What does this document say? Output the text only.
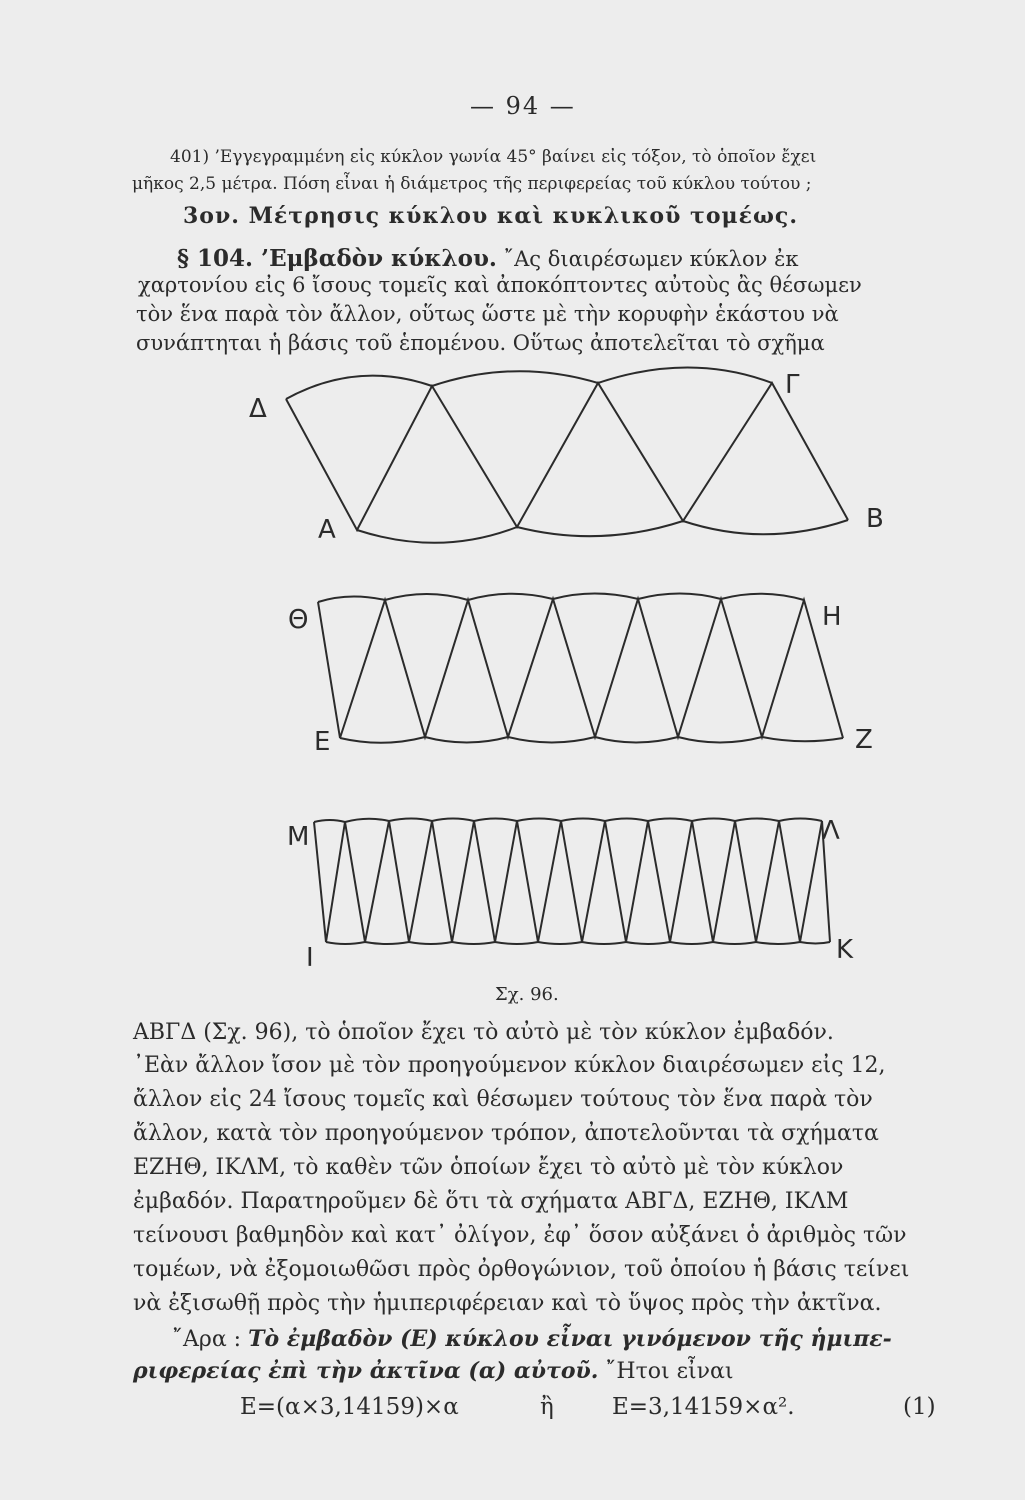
— 94 —
401) ’Εγγεγραμμένη εἰς κύκλον γωνία 45° βαίνει εἰς τόξον, τὸ ὁποῖον ἔχει
μῆκος 2,5 μέτρα. Πόση εἶναι ἡ διάμετρος τῆς περιφερείας τοῦ κύκλου τούτου ;
3ον. Μέτρησις κύκλου καὶ κυκλικοῦ τομέως.
§ 104. ’Εμβαδὸν κύκλου. ῎Ας διαιρέσωμεν κύκλον ἐκ
χαρτονίου εἰς 6 ἴσους τομεῖς καὶ ἀποκόπτοντες αὐτοὺς ἂς θέσωμεν
τὸν ἕνα παρὰ τὸν ἄλλον, οὕτως ὥστε μὲ τὴν κορυφὴν ἑκάστου νὰ
συνάπτηται ἡ βάσις τοῦ ἑπομένου. Οὕτως ἀποτελεῖται τὸ σχῆμα
Δ
Γ
Α	Β
Θ	Η
Ε	Ζ
Μ	Λ
Ι	Κ
Σχ. 96.
ΑΒΓΔ (Σχ. 96), τὸ ὁποῖον ἔχει τὸ αὐτὸ μὲ τὸν κύκλον ἐμβαδόν.
᾿Εὰν ἄλλον ἴσον μὲ τὸν προηγούμενον κύκλον διαιρέσωμεν εἰς 12,
ἄλλον εἰς 24 ἴσους τομεῖς καὶ θέσωμεν τούτους τὸν ἕνα παρὰ τὸν
ἄλλον, κατὰ τὸν προηγούμενον τρόπον, ἀποτελοῦνται τὰ σχήματα
ΕΖΗΘ, ΙΚΛΜ, τὸ καθὲν τῶν ὁποίων ἔχει τὸ αὐτὸ μὲ τὸν κύκλον
ἐμβαδόν. Παρατηροῦμεν δὲ ὅτι τὰ σχήματα ΑΒΓΔ, ΕΖΗΘ, ΙΚΛΜ
τείνουσι βαθμηδὸν καὶ κατ᾿ ὀλίγον, ἐφ᾿ ὅσον αὐξάνει ὁ ἀριθμὸς τῶν
τομέων, νὰ ἐξομοιωθῶσι πρὸς ὀρθογώνιον, τοῦ ὁποίου ἡ βάσις τείνει
νὰ ἐξισωθῇ πρὸς τὴν ἡμιπεριφέρειαν καὶ τὸ ὕψος πρὸς τὴν ἀκτῖνα.
῎Αρα : Τὸ ἐμβαδὸν (Ε) κύκλου εἶναι γινόμενον τῆς ἡμιπε-
ριφερείας ἐπὶ τὴν ἀκτῖνα (α) αὐτοῦ. ῎Ητοι εἶναι
Ε=(α×3,14159)×α	ἢ	Ε=3,14159×α².	(1)
